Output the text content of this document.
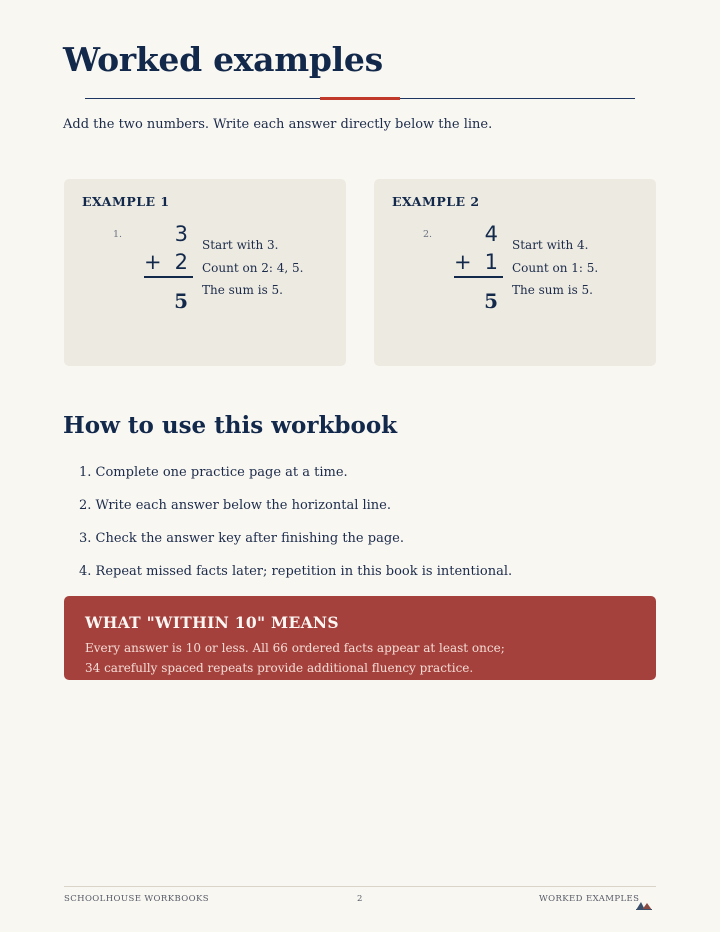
Worked examples
Add the two numbers. Write each answer directly below the line.
EXAMPLE 1
1.	3
+ 2
5
Start with 3.
Count on 2: 4, 5.
The sum is 5.
EXAMPLE 2
2.	4
+ 1
5
Start with 4.
Count on 1: 5.
The sum is 5.
How to use this workbook
1. Complete one practice page at a time.
2. Write each answer below the horizontal line.
3. Check the answer key after finishing the page.
4. Repeat missed facts later; repetition in this book is intentional.
WHAT "WITHIN 10" MEANS
Every answer is 10 or less. All 66 ordered facts appear at least once;
34 carefully spaced repeats provide additional fluency practice.
SCHOOLHOUSE WORKBOOKS	2	WORKED EXAMPLES
